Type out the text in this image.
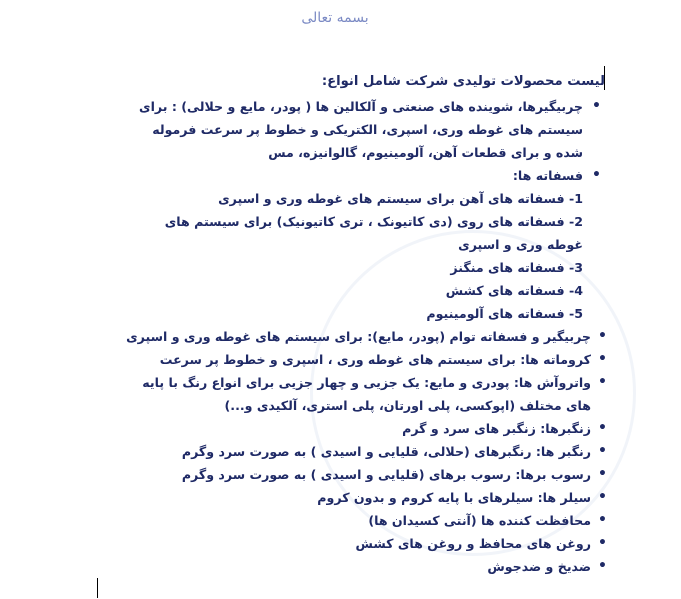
بسمه تعالی

لیست محصولات تولیدی شرکت شامل انواع:

• چربیگیرها، شوینده های صنعتی و آلکالین ها ( پودر، مایع و حلالی) : برای سیستم های غوطه وری، اسپری، الکتریکی و خطوط پر سرعت فرموله شده و برای قطعات آهن، آلومینیوم، گالوانیزه، مس
• فسفاته ها:
1- فسفاته های آهن برای سیستم های غوطه وری و اسپری
2- فسفاته های روی (دی کاتیونک ، تری کاتیونیک) برای سیستم های غوطه وری و اسپری
3- فسفاته های منگنز
4- فسفاته های کشش
5- فسفاته های آلومینیوم
• چربیگیر و فسفاته توام (پودر، مایع): برای سیستم های غوطه وری و اسپری
• کروماته ها: برای سیستم های غوطه وری ، اسپری و خطوط پر سرعت
• واتروآش ها: پودری و مایع: یک جزیی و چهار جزیی برای انواع رنگ با پایه های مختلف (اپوکسی، پلی اورتان، پلی استری، آلکیدی و...)
• زنگبرها: زنگبر های سرد و گرم
• رنگبر ها: رنگبرهای (حلالی، قلیایی و اسیدی ) به صورت سرد وگرم
• رسوب برها: رسوب برهای (قلیایی و اسیدی ) به صورت سرد وگرم
• سیلر ها: سیلرهای با پایه کروم و بدون کروم
• محافظت کننده ها (آنتی کسیدان ها)
• روغن های محافظ و روغن های کشش
• ضدیخ و ضدجوش
